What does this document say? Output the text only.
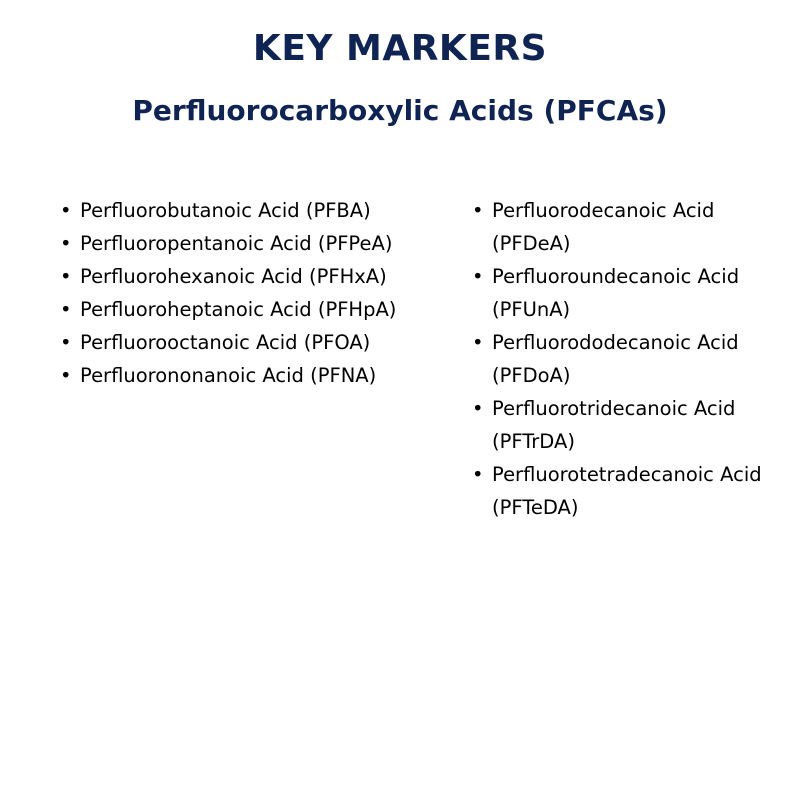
KEY MARKERS
Perfluorocarboxylic Acids (PFCAs)
• Perfluorobutanoic Acid (PFBA)
• Perfluoropentanoic Acid (PFPeA)
• Perfluorohexanoic Acid (PFHxA)
• Perfluoroheptanoic Acid (PFHpA)
• Perfluorooctanoic Acid (PFOA)
• Perfluorononanoic Acid (PFNA)
• Perfluorodecanoic Acid (PFDeA)
• Perfluoroundecanoic Acid (PFUnA)
• Perfluorododecanoic Acid (PFDoA)
• Perfluorotridecanoic Acid (PFTrDA)
• Perfluorotetradecanoic Acid (PFTeDA)
